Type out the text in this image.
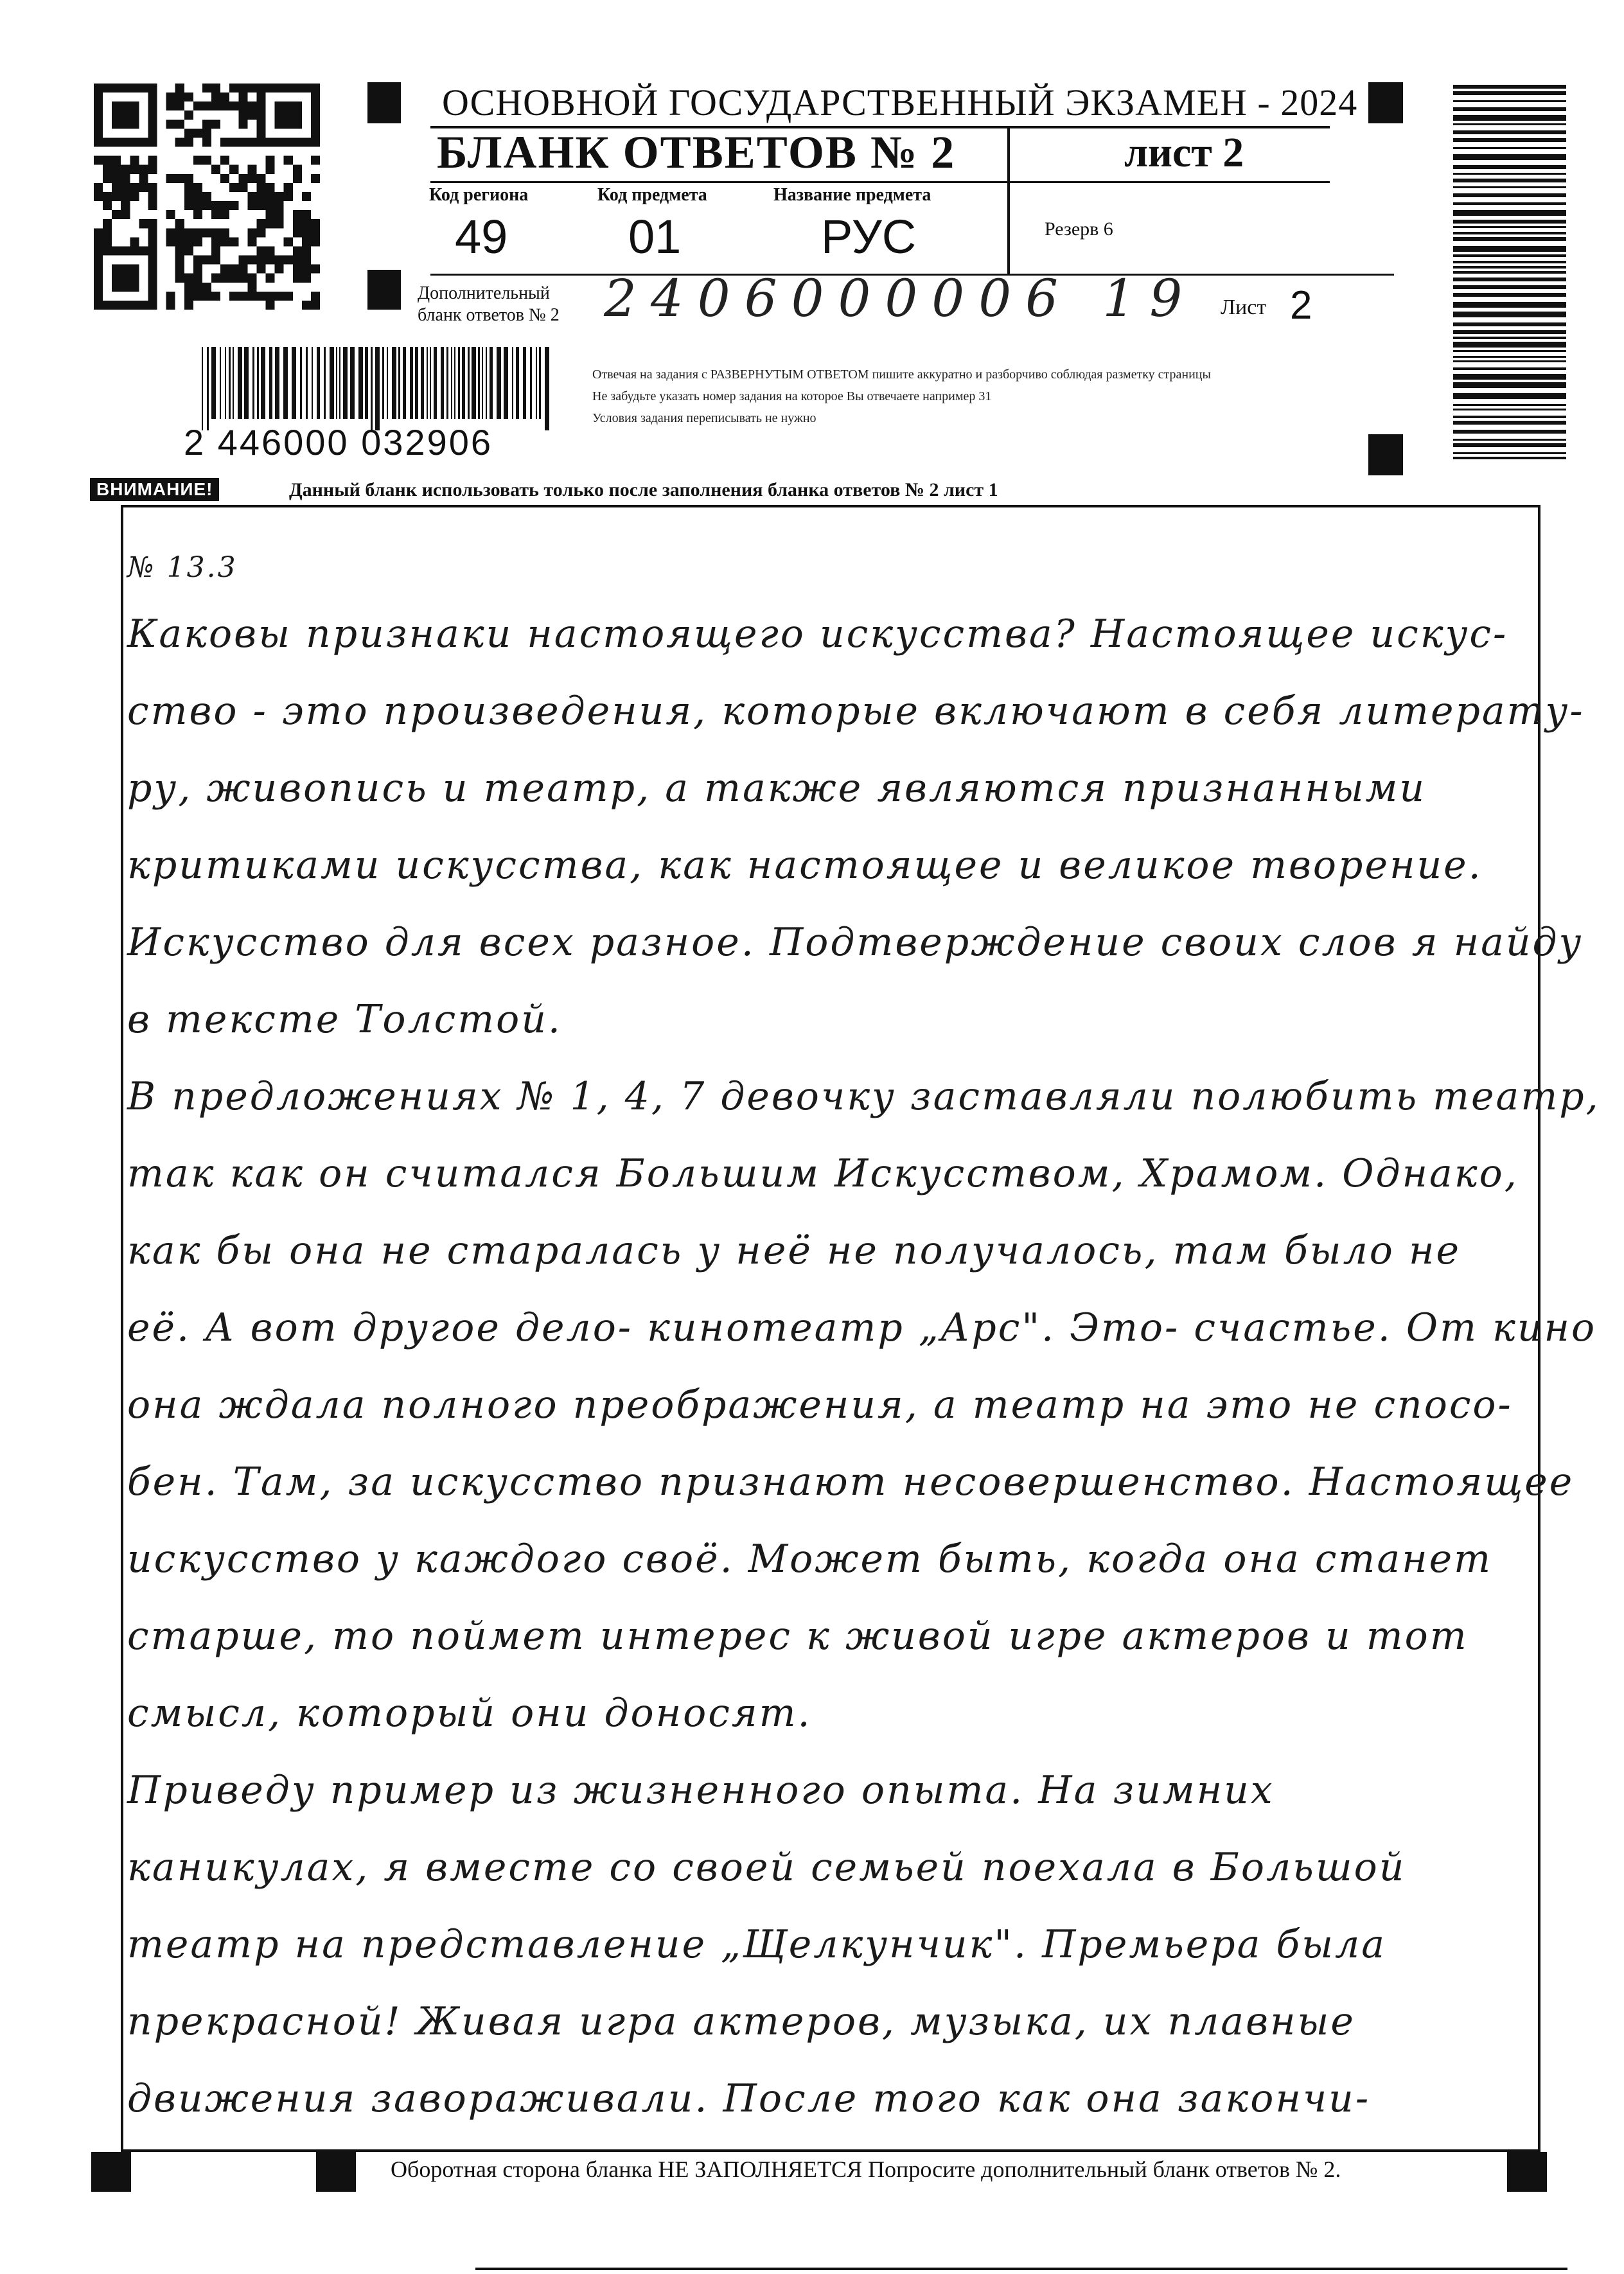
ОСНОВНОЙ ГОСУДАРСТВЕННЫЙ ЭКЗАМЕН - 2024
БЛАНК ОТВЕТОВ № 2	лист 2
Код региона	Код предмета	Название предмета
49	01	РУС	Резерв 6
Дополнительный
бланк ответов № 2 2406000006 19 Лист 2
2 446000 032906
Отвечая на задания с РАЗВЕРНУТЫМ ОТВЕТОМ пишите аккуратно и разборчиво соблюдая разметку страницы
Не забудьте указать номер задания на которое Вы отвечаете например 31
Условия задания переписывать не нужно
ВНИМАНИЕ!	Данный бланк использовать только после заполнения бланка ответов № 2 лист 1
№ 13.3
Каковы признаки настоящего искусства? Настоящее искус-
ство - это произведения, которые включают в себя литерату-
ру, живопись и театр, а также являются признанными
критиками искусства, как настоящее и великое творение.
Искусство для всех разное. Подтверждение своих слов я найду
в тексте Толстой.
В предложениях № 1, 4, 7 девочку заставляли полюбить театр,
так как он считался Большим Искусством, Храмом. Однако,
как бы она не старалась у неё не получалось, там было не
её. А вот другое дело- кинотеатр „Арс". Это- счастье. От кино
она ждала полного преображения, а театр на это не спосо-
бен. Там, за искусство признают несовершенство. Настоящее
искусство у каждого своё. Может быть, когда она станет
старше, то поймет интерес к живой игре актеров и тот
смысл, который они доносят.
Приведу пример из жизненного опыта. На зимних
каникулах, я вместе со своей семьей поехала в Большой
театр на представление „Щелкунчик". Премьера была
прекрасной! Живая игра актеров, музыка, их плавные
движения завораживали. После того как она закончи-
Оборотная сторона бланка НЕ ЗАПОЛНЯЕТСЯ Попросите дополнительный бланк ответов № 2.
